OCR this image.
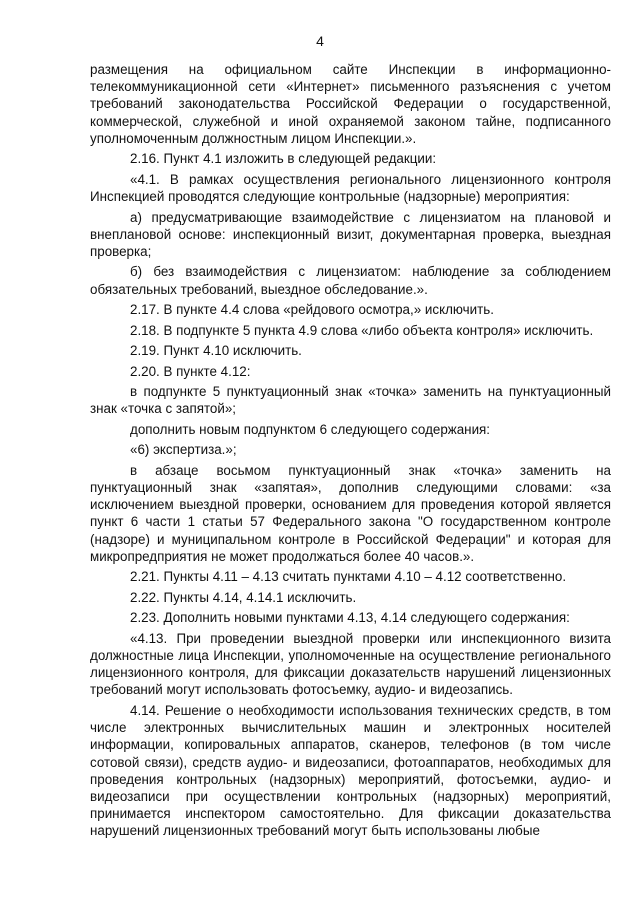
4

размещения на официальном сайте Инспекции в информационно-телекоммуникационной сети «Интернет» письменного разъяснения с учетом требований законодательства Российской Федерации о государственной, коммерческой, служебной и иной охраняемой законом тайне, подписанного уполномоченным должностным лицом Инспекции.».

2.16. Пункт 4.1 изложить в следующей редакции:

«4.1. В рамках осуществления регионального лицензионного контроля Инспекцией проводятся следующие контрольные (надзорные) мероприятия:

а) предусматривающие взаимодействие с лицензиатом на плановой и внеплановой основе: инспекционный визит, документарная проверка, выездная проверка;

б) без взаимодействия с лицензиатом: наблюдение за соблюдением обязательных требований, выездное обследование.».

2.17. В пункте 4.4 слова «рейдового осмотра,» исключить.

2.18. В подпункте 5 пункта 4.9 слова «либо объекта контроля» исключить.

2.19. Пункт 4.10 исключить.

2.20. В пункте 4.12:

в подпункте 5 пунктуационный знак «точка» заменить на пунктуационный знак «точка с запятой»;

дополнить новым подпунктом 6 следующего содержания:

«6) экспертиза.»;

в абзаце восьмом пунктуационный знак «точка» заменить на пунктуационный знак «запятая», дополнив следующими словами: «за исключением выездной проверки, основанием для проведения которой является пункт 6 части 1 статьи 57 Федерального закона "О государственном контроле (надзоре) и муниципальном контроле в Российской Федерации" и которая для микропредприятия не может продолжаться более 40 часов.».

2.21. Пункты 4.11 – 4.13 считать пунктами 4.10 – 4.12 соответственно.

2.22. Пункты 4.14, 4.14.1 исключить.

2.23. Дополнить новыми пунктами 4.13, 4.14 следующего содержания:

«4.13. При проведении выездной проверки или инспекционного визита должностные лица Инспекции, уполномоченные на осуществление регионального лицензионного контроля, для фиксации доказательств нарушений лицензионных требований могут использовать фотосъемку, аудио- и видеозапись.

4.14. Решение о необходимости использования технических средств, в том числе электронных вычислительных машин и электронных носителей информации, копировальных аппаратов, сканеров, телефонов (в том числе сотовой связи), средств аудио- и видеозаписи, фотоаппаратов, необходимых для проведения контрольных (надзорных) мероприятий, фотосъемки, аудио- и видеозаписи при осуществлении контрольных (надзорных) мероприятий, принимается инспектором самостоятельно. Для фиксации доказательства нарушений лицензионных требований могут быть использованы любые
